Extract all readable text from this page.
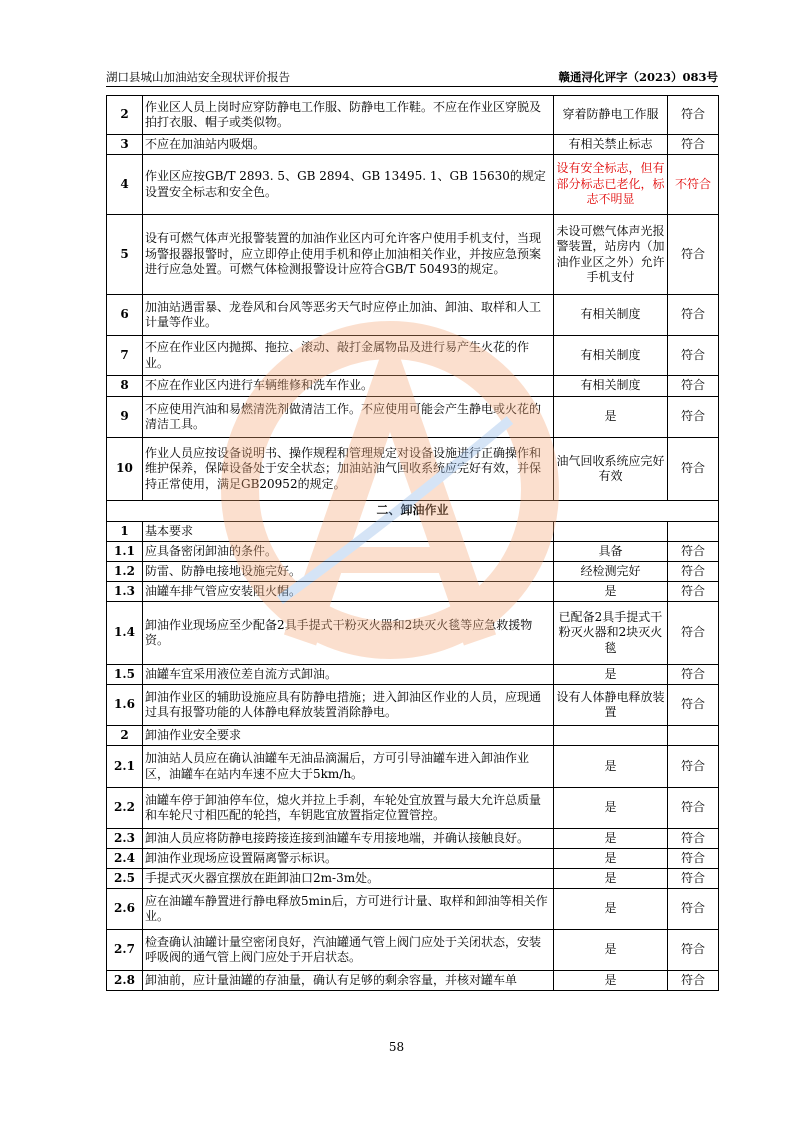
湖口县城山加油站安全现状评价报告	赣通浔化评字（2023）083号
2	作业区人员上岗时应穿防静电工作服、防静电工作鞋。不应在作业区穿脱及拍打衣服、帽子或类似物。	穿着防静电工作服	符合
3	不应在加油站内吸烟。	有相关禁止标志	符合
4	作业区应按GB/T 2893. 5、GB 2894、GB 13495. 1、GB 15630的规定设置安全标志和安全色。	设有安全标志，但有部分标志已老化，标志不明显	不符合
5	设有可燃气体声光报警装置的加油作业区内可允许客户使用手机支付，当现场警报器报警时，应立即停止使用手机和停止加油相关作业，并按应急预案进行应急处置。可燃气体检测报警设计应符合GB/T 50493的规定。	未设可燃气体声光报警装置，站房内（加油作业区之外）允许手机支付	符合
6	加油站遇雷暴、龙卷风和台风等恶劣天气时应停止加油、卸油、取样和人工计量等作业。	有相关制度	符合
7	不应在作业区内抛掷、拖拉、滚动、敲打金属物品及进行易产生火花的作业。	有相关制度	符合
8	不应在作业区内进行车辆维修和洗车作业。	有相关制度	符合
9	不应使用汽油和易燃清洗剂做清洁工作。不应使用可能会产生静电或火花的清洁工具。	是	符合
10	作业人员应按设备说明书、操作规程和管理规定对设备设施进行正确操作和维护保养，保障设备处于安全状态；加油站油气回收系统应完好有效，并保持正常使用，满足GB20952的规定。	油气回收系统应完好有效	符合
二、卸油作业			
1	基本要求		
1.1	应具备密闭卸油的条件。	具备	符合
1.2	防雷、防静电接地设施完好。	经检测完好	符合
1.3	油罐车排气管应安装阻火帽。	是	符合
1.4	卸油作业现场应至少配备2具手提式干粉灭火器和2块灭火毯等应急救援物资。	已配备2具手提式干粉灭火器和2块灭火毯	符合
1.5	油罐车宜采用液位差自流方式卸油。	是	符合
1.6	卸油作业区的辅助设施应具有防静电措施；进入卸油区作业的人员，应现通过具有报警功能的人体静电释放装置消除静电。	设有人体静电释放装置	符合
2	卸油作业安全要求		
2.1	加油站人员应在确认油罐车无油品滴漏后，方可引导油罐车进入卸油作业区，油罐车在站内车速不应大于5km/h。	是	符合
2.2	油罐车停于卸油停车位，熄火并拉上手刹，车轮处宜放置与最大允许总质量和车轮尺寸相匹配的轮挡，车钥匙宜放置指定位置管控。	是	符合
2.3	卸油人员应将防静电接跨接连接到油罐车专用接地端，并确认接触良好。	是	符合
2.4	卸油作业现场应设置隔离警示标识。	是	符合
2.5	手提式灭火器宜摆放在距卸油口2m-3m处。	是	符合
2.6	应在油罐车静置进行静电释放5min后，方可进行计量、取样和卸油等相关作业。	是	符合
2.7	检查确认油罐计量空密闭良好，汽油罐通气管上阀门应处于关闭状态，安装呼吸阀的通气管上阀门应处于开启状态。	是	符合
2.8	卸油前，应计量油罐的存油量，确认有足够的剩余容量，并核对罐车单	是	符合
58
